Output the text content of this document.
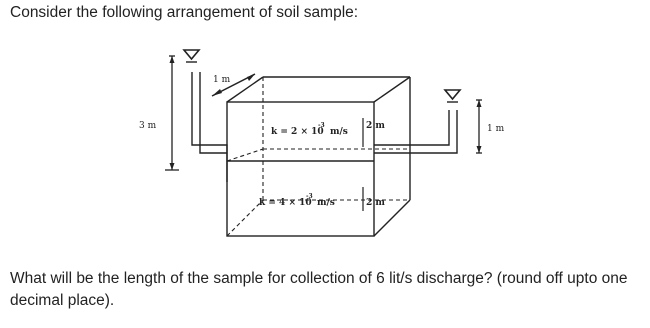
Consider the following arrangement of soil sample:
3 m
1 m
k = 2 × 10
-3
m/s
2 m
k = 4 × 10
-3
m/s	2 m
1 m
What will be the length of the sample for collection of 6 lit/s discharge? (round off upto one decimal place).
